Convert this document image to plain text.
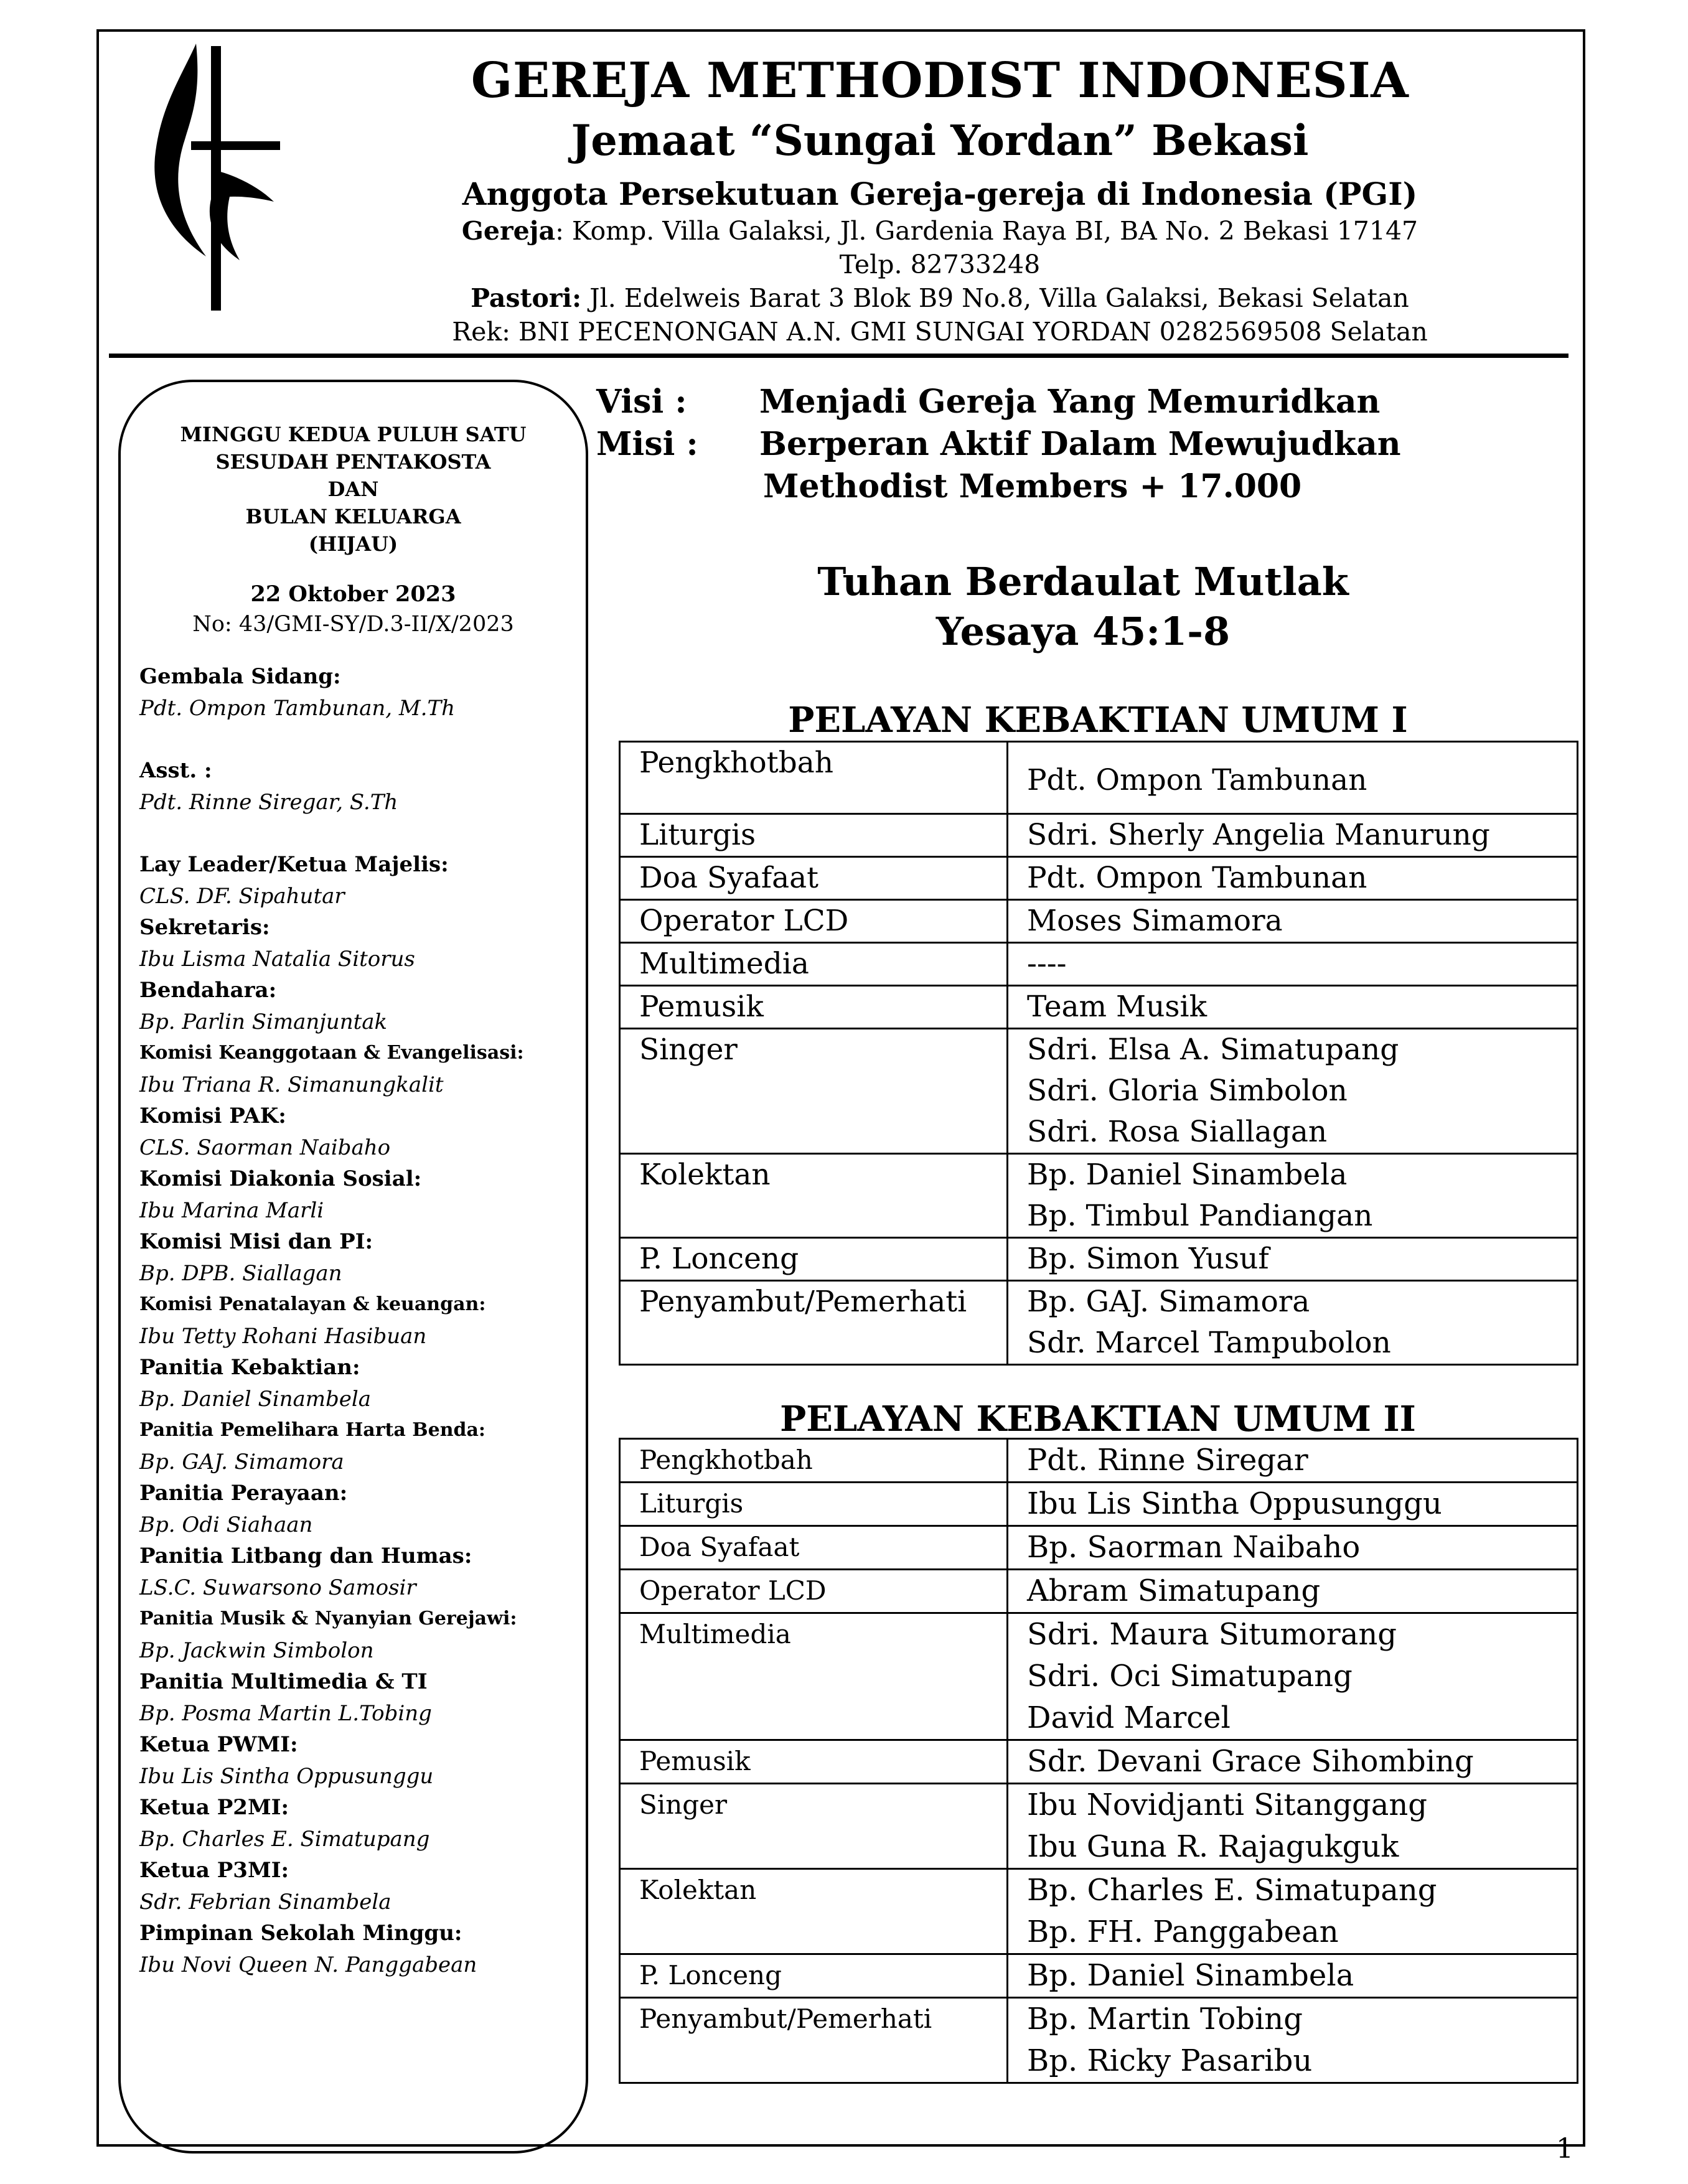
GEREJA METHODIST INDONESIA
Jemaat “Sungai Yordan” Bekasi
Anggota Persekutuan Gereja-gereja di Indonesia (PGI)
Gereja: Komp. Villa Galaksi, Jl. Gardenia Raya BI, BA No. 2 Bekasi 17147
Telp. 82733248
Pastori: Jl. Edelweis Barat 3 Blok B9 No.8, Villa Galaksi, Bekasi Selatan
Rek: BNI PECENONGAN A.N. GMI SUNGAI YORDAN 0282569508 Selatan
MINGGU KEDUA PULUH SATU
SESUDAH PENTAKOSTA
DAN
BULAN KELUARGA
(HIJAU)
22 Oktober 2023
No: 43/GMI-SY/D.3-II/X/2023
Gembala Sidang:
Pdt. Ompon Tambunan, M.Th
Asst. :
Pdt. Rinne Siregar, S.Th
Lay Leader/Ketua Majelis:
CLS. DF. Sipahutar
Sekretaris:
Ibu Lisma Natalia Sitorus
Bendahara:
Bp. Parlin Simanjuntak
Komisi Keanggotaan & Evangelisasi:
Ibu Triana R. Simanungkalit
Komisi PAK:
CLS. Saorman Naibaho
Komisi Diakonia Sosial:
Ibu Marina Marli
Komisi Misi dan PI:
Bp. DPB. Siallagan
Komisi Penatalayan & keuangan:
Ibu Tetty Rohani Hasibuan
Panitia Kebaktian:
Bp. Daniel Sinambela
Panitia Pemelihara Harta Benda:
Bp. GAJ. Simamora
Panitia Perayaan:
Bp. Odi Siahaan
Panitia Litbang dan Humas:
LS.C. Suwarsono Samosir
Panitia Musik & Nyanyian Gerejawi:
Bp. Jackwin Simbolon
Panitia Multimedia & TI
Bp. Posma Martin L.Tobing
Ketua PWMI:
Ibu Lis Sintha Oppusunggu
Ketua P2MI:
Bp. Charles E. Simatupang
Ketua P3MI:
Sdr. Febrian Sinambela
Pimpinan Sekolah Minggu:
Ibu Novi Queen N. Panggabean
Visi : Menjadi Gereja Yang Memuridkan
Misi : Berperan Aktif Dalam Mewujudkan
Methodist Members + 17.000
Tuhan Berdaulat Mutlak
Yesaya 45:1-8
PELAYAN KEBAKTIAN UMUM I
Pengkhotbah	Pdt. Ompon Tambunan

Liturgis	Sdri. Sherly Angelia Manurung

Doa Syafaat	Pdt. Ompon Tambunan

Operator LCD	Moses Simamora

Multimedia	----

Pemusik	Team Musik

Singer	Sdri. Elsa A. Simatupang
Sdri. Gloria Simbolon
Sdri. Rosa Siallagan

Kolektan	Bp. Daniel Sinambela
Bp. Timbul Pandiangan

P. Lonceng	Bp. Simon Yusuf

Penyambut/Pemerhati	Bp. GAJ. Simamora
Sdr. Marcel Tampubolon
PELAYAN KEBAKTIAN UMUM II
Pengkhotbah	Pdt. Rinne Siregar

Liturgis	Ibu Lis Sintha Oppusunggu

Doa Syafaat	Bp. Saorman Naibaho

Operator LCD	Abram Simatupang

Multimedia	Sdri. Maura Situmorang
Sdri. Oci Simatupang
David Marcel

Pemusik	Sdr. Devani Grace Sihombing

Singer	Ibu Novidjanti Sitanggang
Ibu Guna R. Rajagukguk

Kolektan	Bp. Charles E. Simatupang
Bp. FH. Panggabean

P. Lonceng	Bp. Daniel Sinambela

Penyambut/Pemerhati	Bp. Martin Tobing
Bp. Ricky Pasaribu
1
